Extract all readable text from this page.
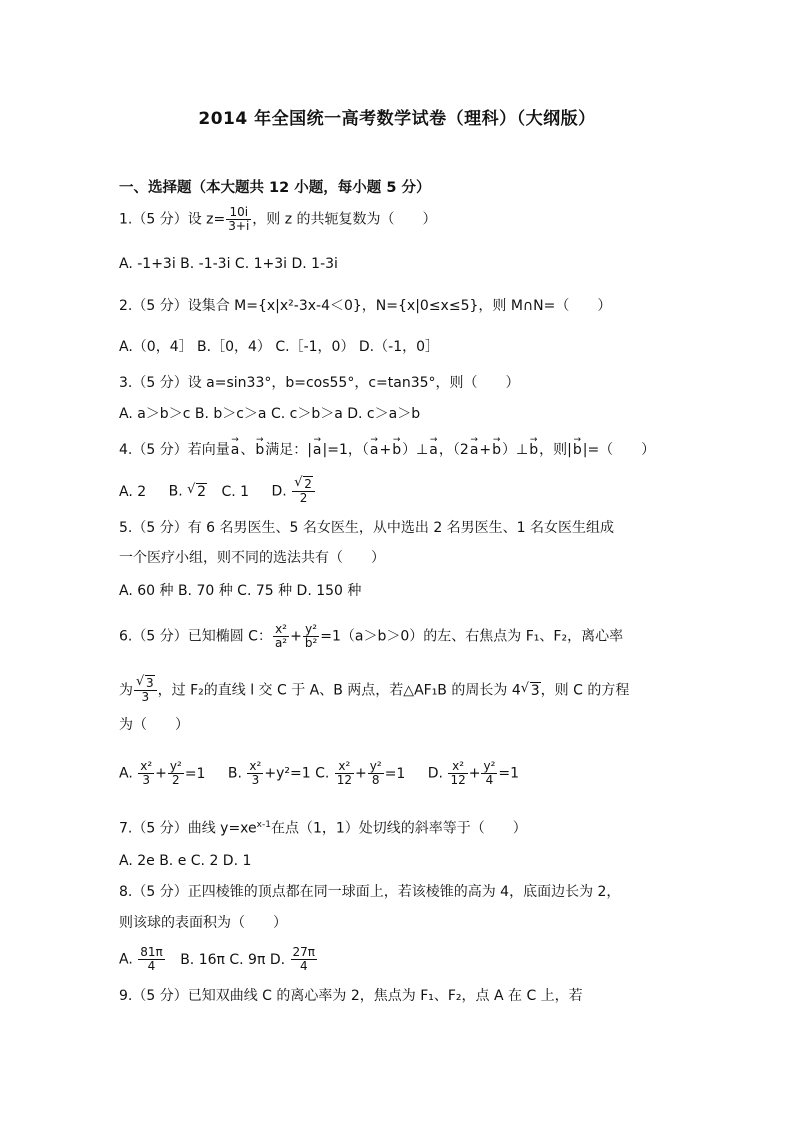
2014 年全国统一高考数学试卷（理科）（大纲版）
一、选择题（本大题共 12 小题，每小题 5 分）
1.（5 分）设 $z= \frac{10i}{3+i}$ ，则 z 的共轭复数为（　　）
A. -1+3i B. -1-3i C. 1+3i D. 1-3i
2.（5 分）设集合 M={x|x²-3x-4＜0}，N={x|0≤x≤5}，则 M∩N=（　　）
A.（0，4］ B.［0，4） C.［-1，0） D.（-1，0］
3.（5 分）设 a=sin33°，b=cos55°，c=tan35°，则（　　）
A. a＞b＞c B. b＞c＞a C. c＞b＞a D. c＞a＞b
4.（5 分）若向量a →、b →满足：|a →|=1，（a →+b →）⊥a →，（2a →+b →）⊥b →，则|b →|=（　　）
A. 2 B. √ 2 C. 1 D. √ $\frac{2}{2}$
5.（5 分）有 6 名男医生、5 名女医生，从中选出 2 名男医生、1 名女医生组成
一个医疗小组，则不同的选法共有（　　）
A. 60 种 B. 70 种 C. 75 种 D. 150 种
6.（5 分）已知椭圆 C： $\frac{\text{x²}}{\text{a²}} + \frac{\text{y²}}{\text{b²}} =1(a>b>0)$的左、右焦点为 F₁、F₂，离心率
为 √ $\frac{3}{3}$ ，过 F₂的直线 l 交 C 于 A、B 两点，若△AF₁B 的周长为 4 √ 3，则 C 的方程
为（　　）
A. $\frac{\text{x²}}{3} + \frac{\text{y²}}{2} =1$ B. $\frac{\text{x²}}{3} +y^2=1$ C. $\frac{\text{x²}}{12} + \frac{\text{y²}}{8} =1$ D. $\frac{\text{x²}}{12} + \frac{\text{y²}}{4} =1$
7.（5 分）曲线 $y=xe^{x-1}$在点（1，1）处切线的斜率等于（　　）
A. 2e B. e C. 2 D. 1
8.（5 分）正四棱锥的顶点都在同一球面上，若该棱锥的高为 4，底面边长为 2，
则该球的表面积为（　　）
A. $\frac{81\pi}{4} B$. 16π C. 9π D. $\frac{27\pi}{4}$
9.（5 分）已知双曲线 C 的离心率为 2，焦点为 F₁、F₂，点 A 在 C 上，若
